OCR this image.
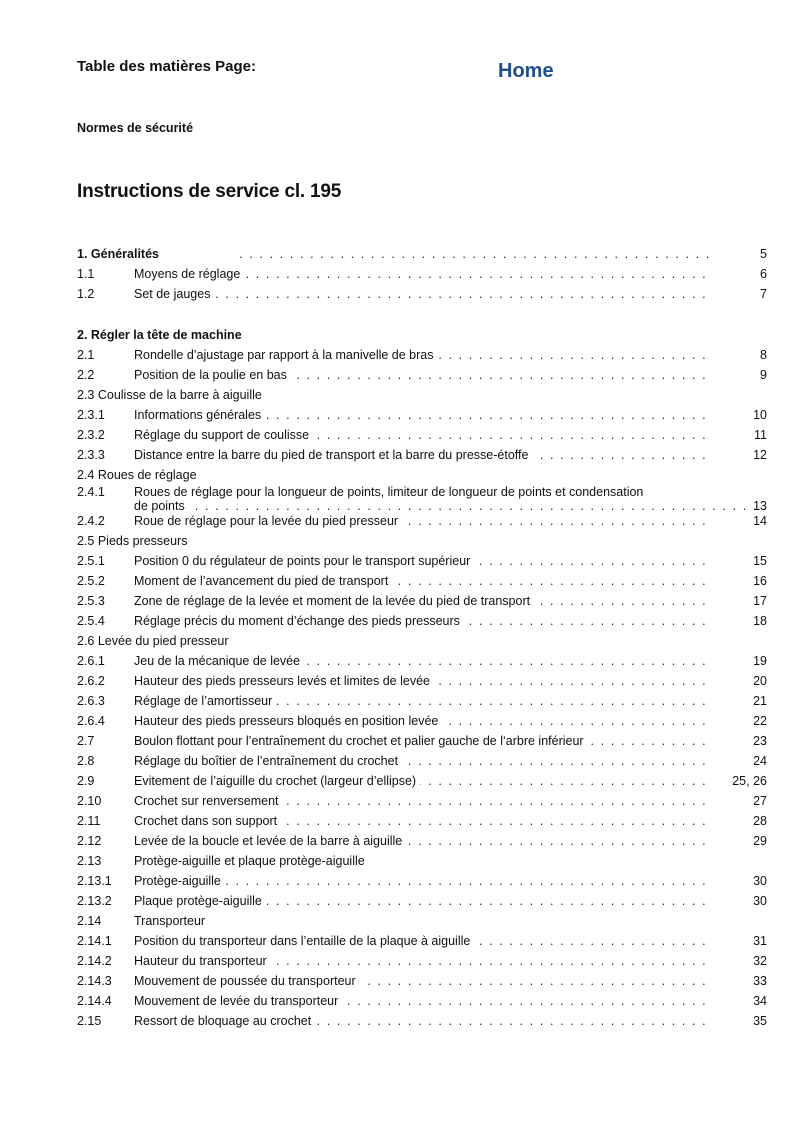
Table des matières Page:	Home
Normes de sécurité
Instructions de service cl. 195
1. Généralités . . .	5
1.1	Moyens de réglage . . .	6
1.2	Set de jauges . . .	7
2. Régler la tête de machine
2.1	Rondelle d’ajustage par rapport à la manivelle de bras . . .	8
2.2	Position de la poulie en bas . . .	9
2.3 Coulisse de la barre à aiguille
2.3.1 Informations générales . . .	10
2.3.2 Réglage du support de coulisse . . .	11
2.3.3 Distance entre la barre du pied de transport et la barre du presse-étoffe . . .	12
2.4 Roues de réglage
2.4.1 Roues de réglage pour la longueur de points, limiteur de longueur de points et condensation
de points . . .	13
2.4.2 Roue de réglage pour la levée du pied presseur . . .	14
2.5 Pieds presseurs
2.5.1 Position 0 du régulateur de points pour le transport supérieur . . .	15
2.5.2 Moment de l’avancement du pied de transport . . .	16
2.5.3 Zone de réglage de la levée et moment de la levée du pied de transport . . .	17
2.5.4 Réglage précis du moment d’échange des pieds presseurs . . .	18
2.6 Levée du pied presseur
2.6.1 Jeu de la mécanique de levée . . .	19
2.6.2 Hauteur des pieds presseurs levés et limites de levée . . .	20
2.6.3 Réglage de l’amortisseur . . .	21
2.6.4 Hauteur des pieds presseurs bloqués en position levée . . .	22
2.7	Boulon flottant pour l’entraînement du crochet et palier gauche de l‘arbre inférieur . . .	23
2.8	Réglage du boîtier de l’entraînement du crochet . . .	24
2.9	Evitement de l’aiguille du crochet (largeur d’ellipse) . . .	25, 26
2.10	Crochet sur renversement . . .	27
2.11	Crochet dans son support . . .	28
2.12	Levée de la boucle et levée de la barre à aiguille . . .	29
2.13	Protège-aiguille et plaque protège-aiguille
2.13.1 Protège-aiguille . . .	30
2.13.2 Plaque protège-aiguille . . .	30
2.14	Transporteur
2.14.1 Position du transporteur dans l’entaille de la plaque à aiguille . . .	31
2.14.2 Hauteur du transporteur . . .	32
2.14.3 Mouvement de poussée du transporteur . . .	33
2.14.4 Mouvement de levée du transporteur . . .	34
2.15	Ressort de bloquage au crochet . . .	35
